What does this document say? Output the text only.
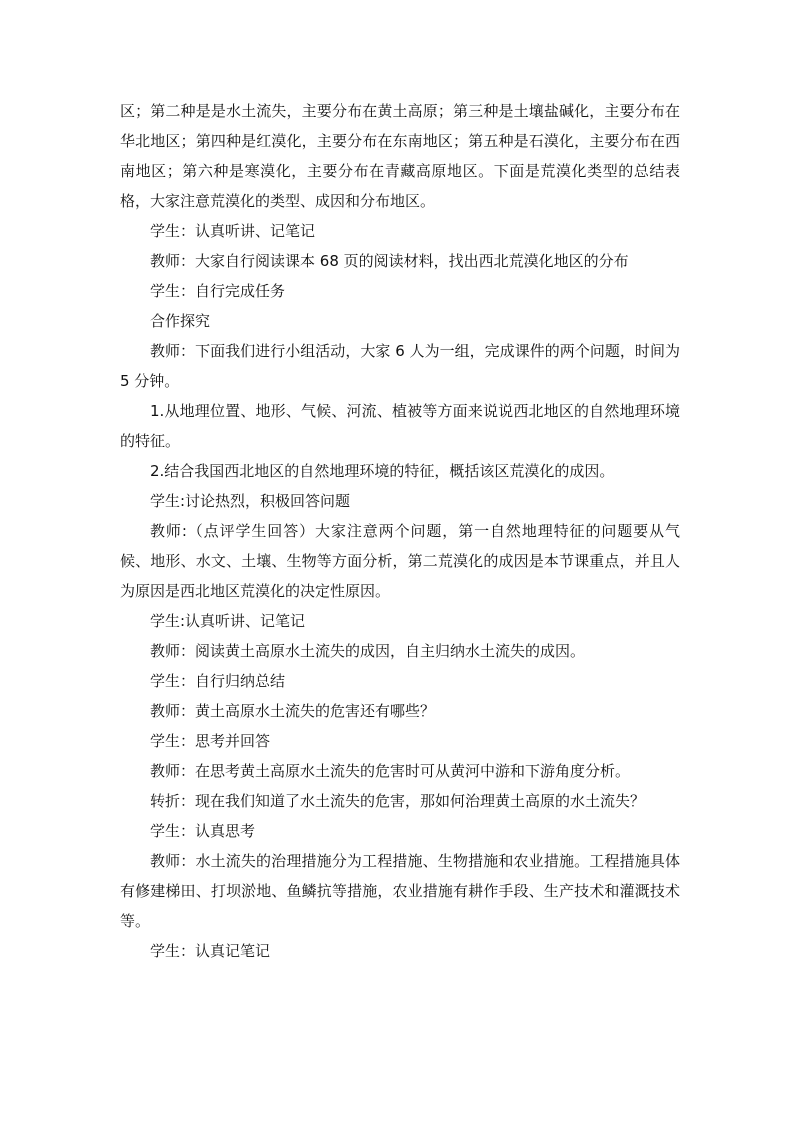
区；第二种是是水土流失，主要分布在黄土高原；第三种是土壤盐碱化，主要分布在华北地区；第四种是红漠化，主要分布在东南地区；第五种是石漠化，主要分布在西南地区；第六种是寒漠化，主要分布在青藏高原地区。下面是荒漠化类型的总结表格，大家注意荒漠化的类型、成因和分布地区。

学生：认真听讲、记笔记

教师：大家自行阅读课本 68 页的阅读材料，找出西北荒漠化地区的分布

学生：自行完成任务

合作探究

教师：下面我们进行小组活动，大家 6 人为一组，完成课件的两个问题，时间为 5 分钟。

1.从地理位置、地形、气候、河流、植被等方面来说说西北地区的自然地理环境的特征。

2.结合我国西北地区的自然地理环境的特征，概括该区荒漠化的成因。

学生:讨论热烈，积极回答问题

教师:（点评学生回答）大家注意两个问题，第一自然地理特征的问题要从气候、地形、水文、土壤、生物等方面分析，第二荒漠化的成因是本节课重点，并且人为原因是西北地区荒漠化的决定性原因。

学生:认真听讲、记笔记

教师：阅读黄土高原水土流失的成因，自主归纳水土流失的成因。

学生：自行归纳总结

教师：黄土高原水土流失的危害还有哪些？

学生：思考并回答

教师：在思考黄土高原水土流失的危害时可从黄河中游和下游角度分析。

转折：现在我们知道了水土流失的危害，那如何治理黄土高原的水土流失？

学生：认真思考

教师：水土流失的治理措施分为工程措施、生物措施和农业措施。工程措施具体有修建梯田、打坝淤地、鱼鳞抗等措施，农业措施有耕作手段、生产技术和灌溉技术等。

学生：认真记笔记
